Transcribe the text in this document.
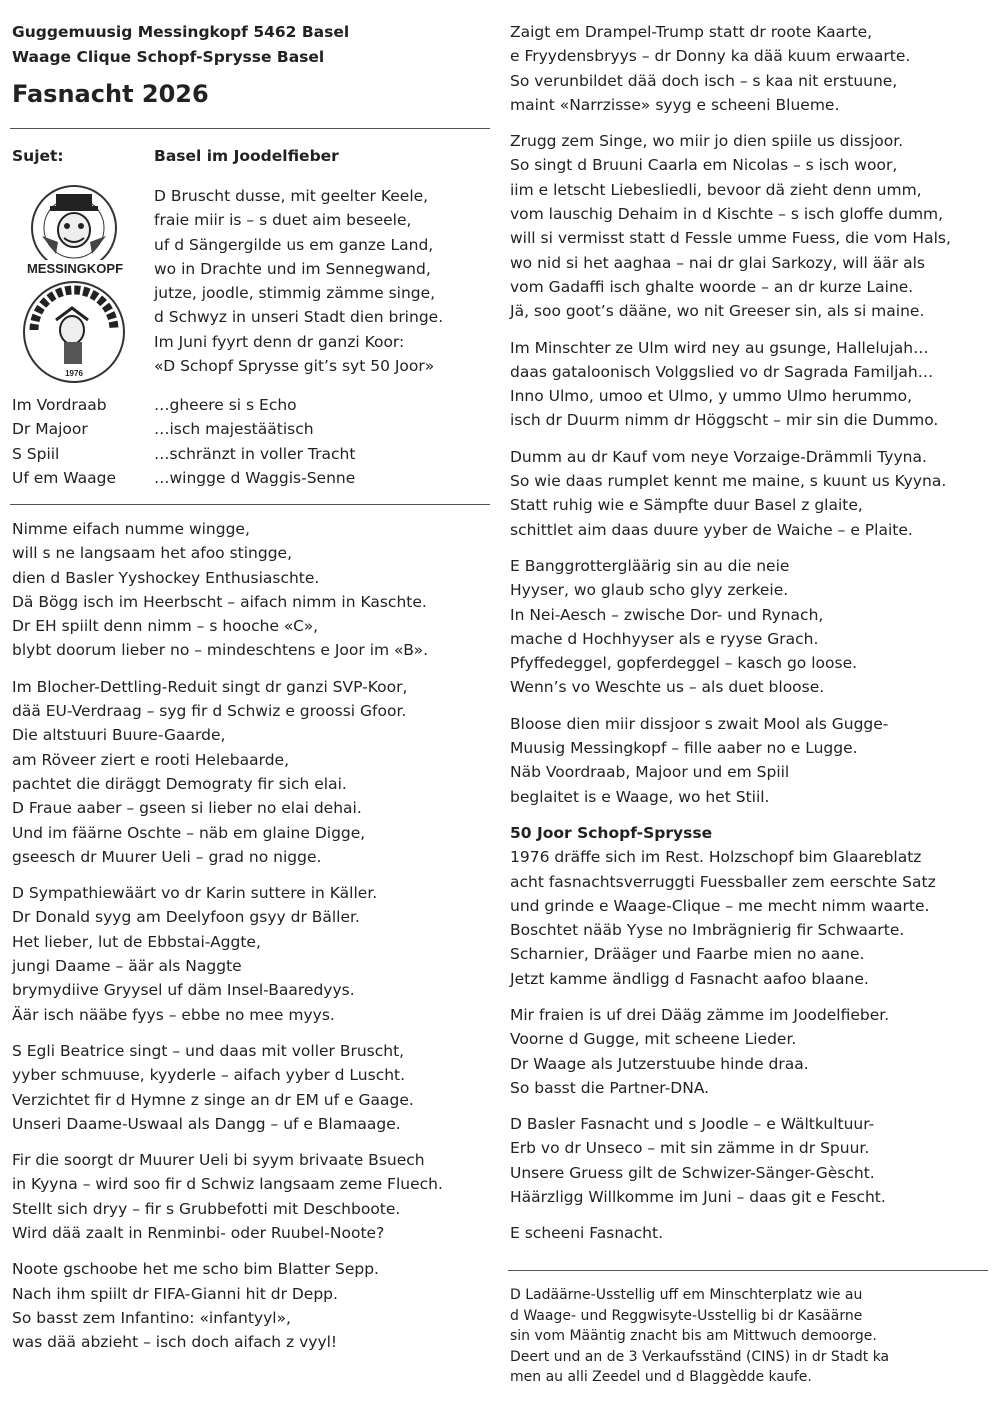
Guggemuusig Messingkopf 5462 Basel
Waage Clique Schopf-Sprysse Basel
Fasnacht 2026
Sujet:	Basel im Joodelfieber
MESSINGKOPF
1976
D Bruscht dusse, mit geelter Keele,
fraie miir is – s duet aim beseele,
uf d Sängergilde us em ganze Land,
wo in Drachte und im Sennegwand,
jutze, joodle, stimmig zämme singe,
d Schwyz in unseri Stadt dien bringe.
Im Juni fyyrt denn dr ganzi Koor:
«D Schopf Sprysse git’s syt 50 Joor»
Im Vordraab	…gheere si s Echo
Dr Majoor	…isch majestäätisch
S Spiil	…schränzt in voller Tracht
Uf em Waage …wingge d Waggis-Senne
Nimme eifach numme wingge,
will s ne langsaam het afoo stingge,
dien d Basler Yyshockey Enthusiaschte.
Dä Bögg isch im Heerbscht – aifach nimm in Kaschte.
Dr EH spiilt denn nimm – s hooche «C»,
blybt doorum lieber no – mindeschtens e Joor im «B».
Im Blocher-Dettling-Reduit singt dr ganzi SVP-Koor,
dää EU-Verdraag – syg fir d Schwiz e groossi Gfoor.
Die altstuuri Buure-Gaarde,
am Röveer ziert e rooti Helebaarde,
pachtet die diräggt Demograty fir sich elai.
D Fraue aaber – gseen si lieber no elai dehai.
Und im fäärne Oschte – näb em glaine Digge,
gseesch dr Muurer Ueli – grad no nigge.
D Sympathiewäärt vo dr Karin suttere in Käller.
Dr Donald syyg am Deelyfoon gsyy dr Bäller.
Het lieber, lut de Ebbstai-Aggte,
jungi Daame – äär als Naggte
brymydiive Gryysel uf däm Insel-Baaredyys.
Äär isch nääbe fyys – ebbe no mee myys.
S Egli Beatrice singt – und daas mit voller Bruscht,
yyber schmuuse, kyyderle – aifach yyber d Luscht.
Verzichtet fir d Hymne z singe an dr EM uf e Gaage.
Unseri Daame-Uswaal als Dangg – uf e Blamaage.
Fir die soorgt dr Muurer Ueli bi syym brivaate Bsuech
in Kyyna – wird soo fir d Schwiz langsaam zeme Fluech.
Stellt sich dryy – fir s Grubbefotti mit Deschboote.
Wird dää zaalt in Renminbi- oder Ruubel-Noote?
Noote gschoobe het me scho bim Blatter Sepp.
Nach ihm spiilt dr FIFA-Gianni hit dr Depp.
So basst zem Infantino: «infantyyl»,
was dää abzieht – isch doch aifach z vyyl!
Zaigt em Drampel-Trump statt dr roote Kaarte,
e Fryydensbryys – dr Donny ka dää kuum erwaarte.
So verunbildet dää doch isch – s kaa nit erstuune,
maint «Narrzisse» syyg e scheeni Blueme.
Zrugg zem Singe, wo miir jo dien spiile us dissjoor.
So singt d Bruuni Caarla em Nicolas – s isch woor,
iim e letscht Liebesliedli, bevoor dä zieht denn umm,
vom lauschig Dehaim in d Kischte – s isch gloffe dumm,
will si vermisst statt d Fessle umme Fuess, die vom Hals,
wo nid si het aaghaa – nai dr glai Sarkozy, will äär als
vom Gadaffi isch ghalte woorde – an dr kurze Laine.
Jä, soo goot’s dääne, wo nit Greeser sin, als si maine.
Im Minschter ze Ulm wird ney au gsunge, Hallelujah…
daas gataloonisch Volggslied vo dr Sagrada Familjah…
Inno Ulmo, umoo et Ulmo, y ummo Ulmo herummo,
isch dr Duurm nimm dr Höggscht – mir sin die Dummo.
Dumm au dr Kauf vom neye Vorzaige-Drämmli Tyyna.
So wie daas rumplet kennt me maine, s kuunt us Kyyna.
Statt ruhig wie e Sämpfte duur Basel z glaite,
schittlet aim daas duure yyber de Waiche – e Plaite.
E Banggrottergläärig sin au die neie
Hyyser, wo glaub scho glyy zerkeie.
In Nei-Aesch – zwische Dor- und Rynach,
mache d Hochhyyser als e ryyse Grach.
Pfyffedeggel, gopferdeggel – kasch go loose.
Wenn’s vo Weschte us – als duet bloose.
Bloose dien miir dissjoor s zwait Mool als Gugge-
Muusig Messingkopf – fille aaber no e Lugge.
Näb Voordraab, Majoor und em Spiil
beglaitet is e Waage, wo het Stiil.
50 Joor Schopf-Sprysse
1976 dräffe sich im Rest. Holzschopf bim Glaareblatz
acht fasnachtsverruggti Fuessballer zem eerschte Satz
und grinde e Waage-Clique – me mecht nimm waarte.
Boschtet nääb Yyse no Imbrägnierig fir Schwaarte.
Scharnier, Drääger und Faarbe mien no aane.
Jetzt kamme ändligg d Fasnacht aafoo blaane.
Mir fraien is uf drei Dääg zämme im Joodelfieber.
Voorne d Gugge, mit scheene Lieder.
Dr Waage als Jutzerstuube hinde draa.
So basst die Partner-DNA.
D Basler Fasnacht und s Joodle – e Wältkultuur-
Erb vo dr Unseco – mit sin zämme in dr Spuur.
Unsere Gruess gilt de Schwizer-Sänger-Gèscht.
Häärzligg Willkomme im Juni – daas git e Fescht.
E scheeni Fasnacht.
D Ladäärne-Usstellig uff em Minschterplatz wie au
d Waage- und Reggwisyte-Usstellig bi dr Kasäärne
sin vom Määntig znacht bis am Mittwuch demoorge.
Deert und an de 3 Verkaufsständ (CINS) in dr Stadt ka
men au alli Zeedel und d Blaggèdde kaufe.
